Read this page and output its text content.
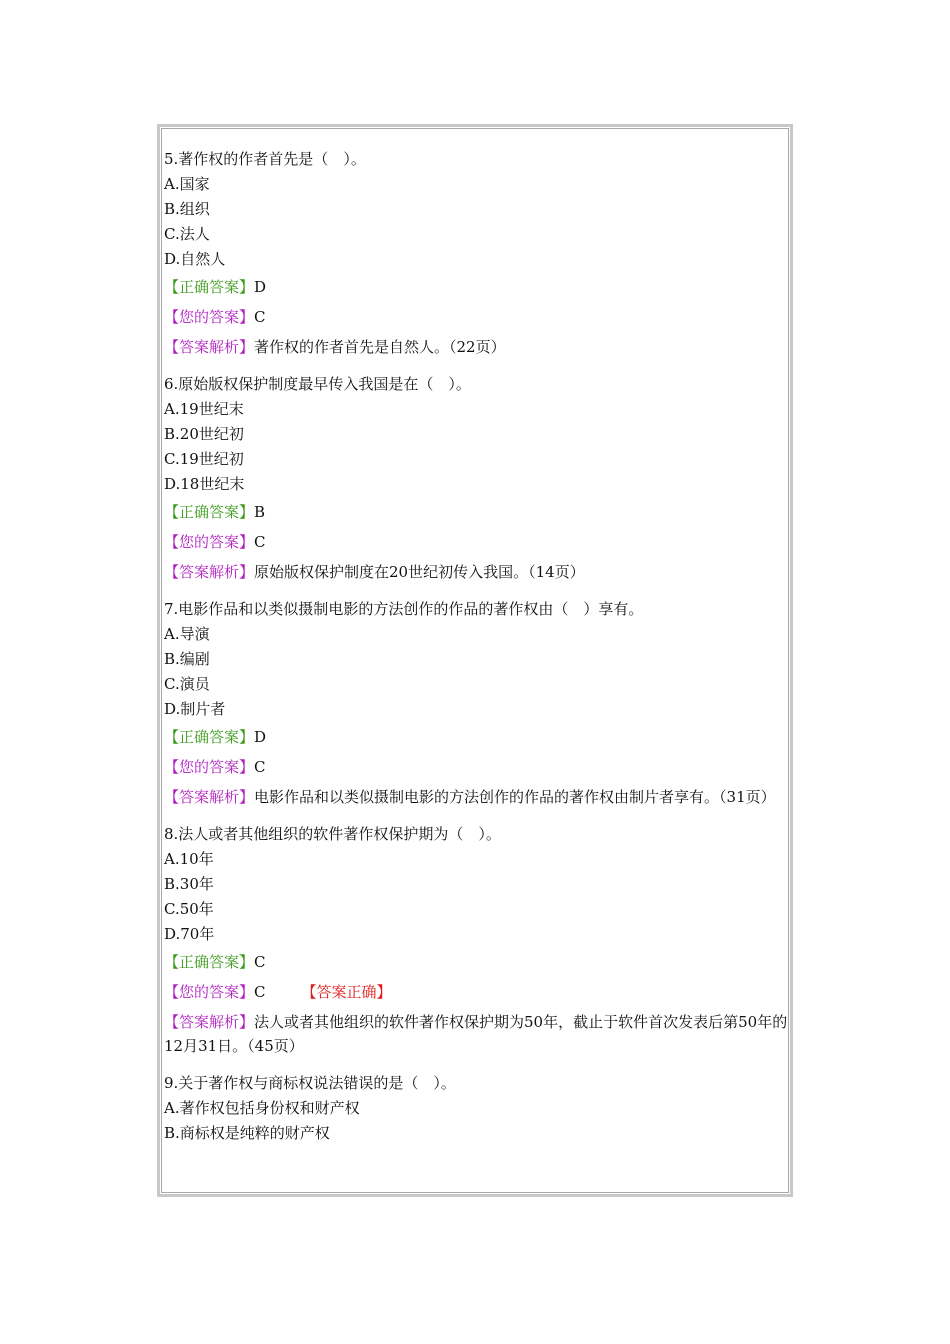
5.著作权的作者首先是（　）。
A.国家
B.组织
C.法人
D.自然人
【正确答案】D
【您的答案】C
【答案解析】著作权的作者首先是自然人。（22页）
6.原始版权保护制度最早传入我国是在（　）。
A.19世纪末
B.20世纪初
C.19世纪初
D.18世纪末
【正确答案】B
【您的答案】C
【答案解析】原始版权保护制度在20世纪初传入我国。（14页）
7.电影作品和以类似摄制电影的方法创作的作品的著作权由（　）享有。
A.导演
B.编剧
C.演员
D.制片者
【正确答案】D
【您的答案】C
【答案解析】电影作品和以类似摄制电影的方法创作的作品的著作权由制片者享有。（31页）
8.法人或者其他组织的软件著作权保护期为（　）。
A.10年
B.30年
C.50年
D.70年
【正确答案】C
【您的答案】C 【答案正确】
【答案解析】法人或者其他组织的软件著作权保护期为50年，截止于软件首次发表后第50年的12月31日。（45页）
9.关于著作权与商标权说法错误的是（　）。
A.著作权包括身份权和财产权
B.商标权是纯粹的财产权
